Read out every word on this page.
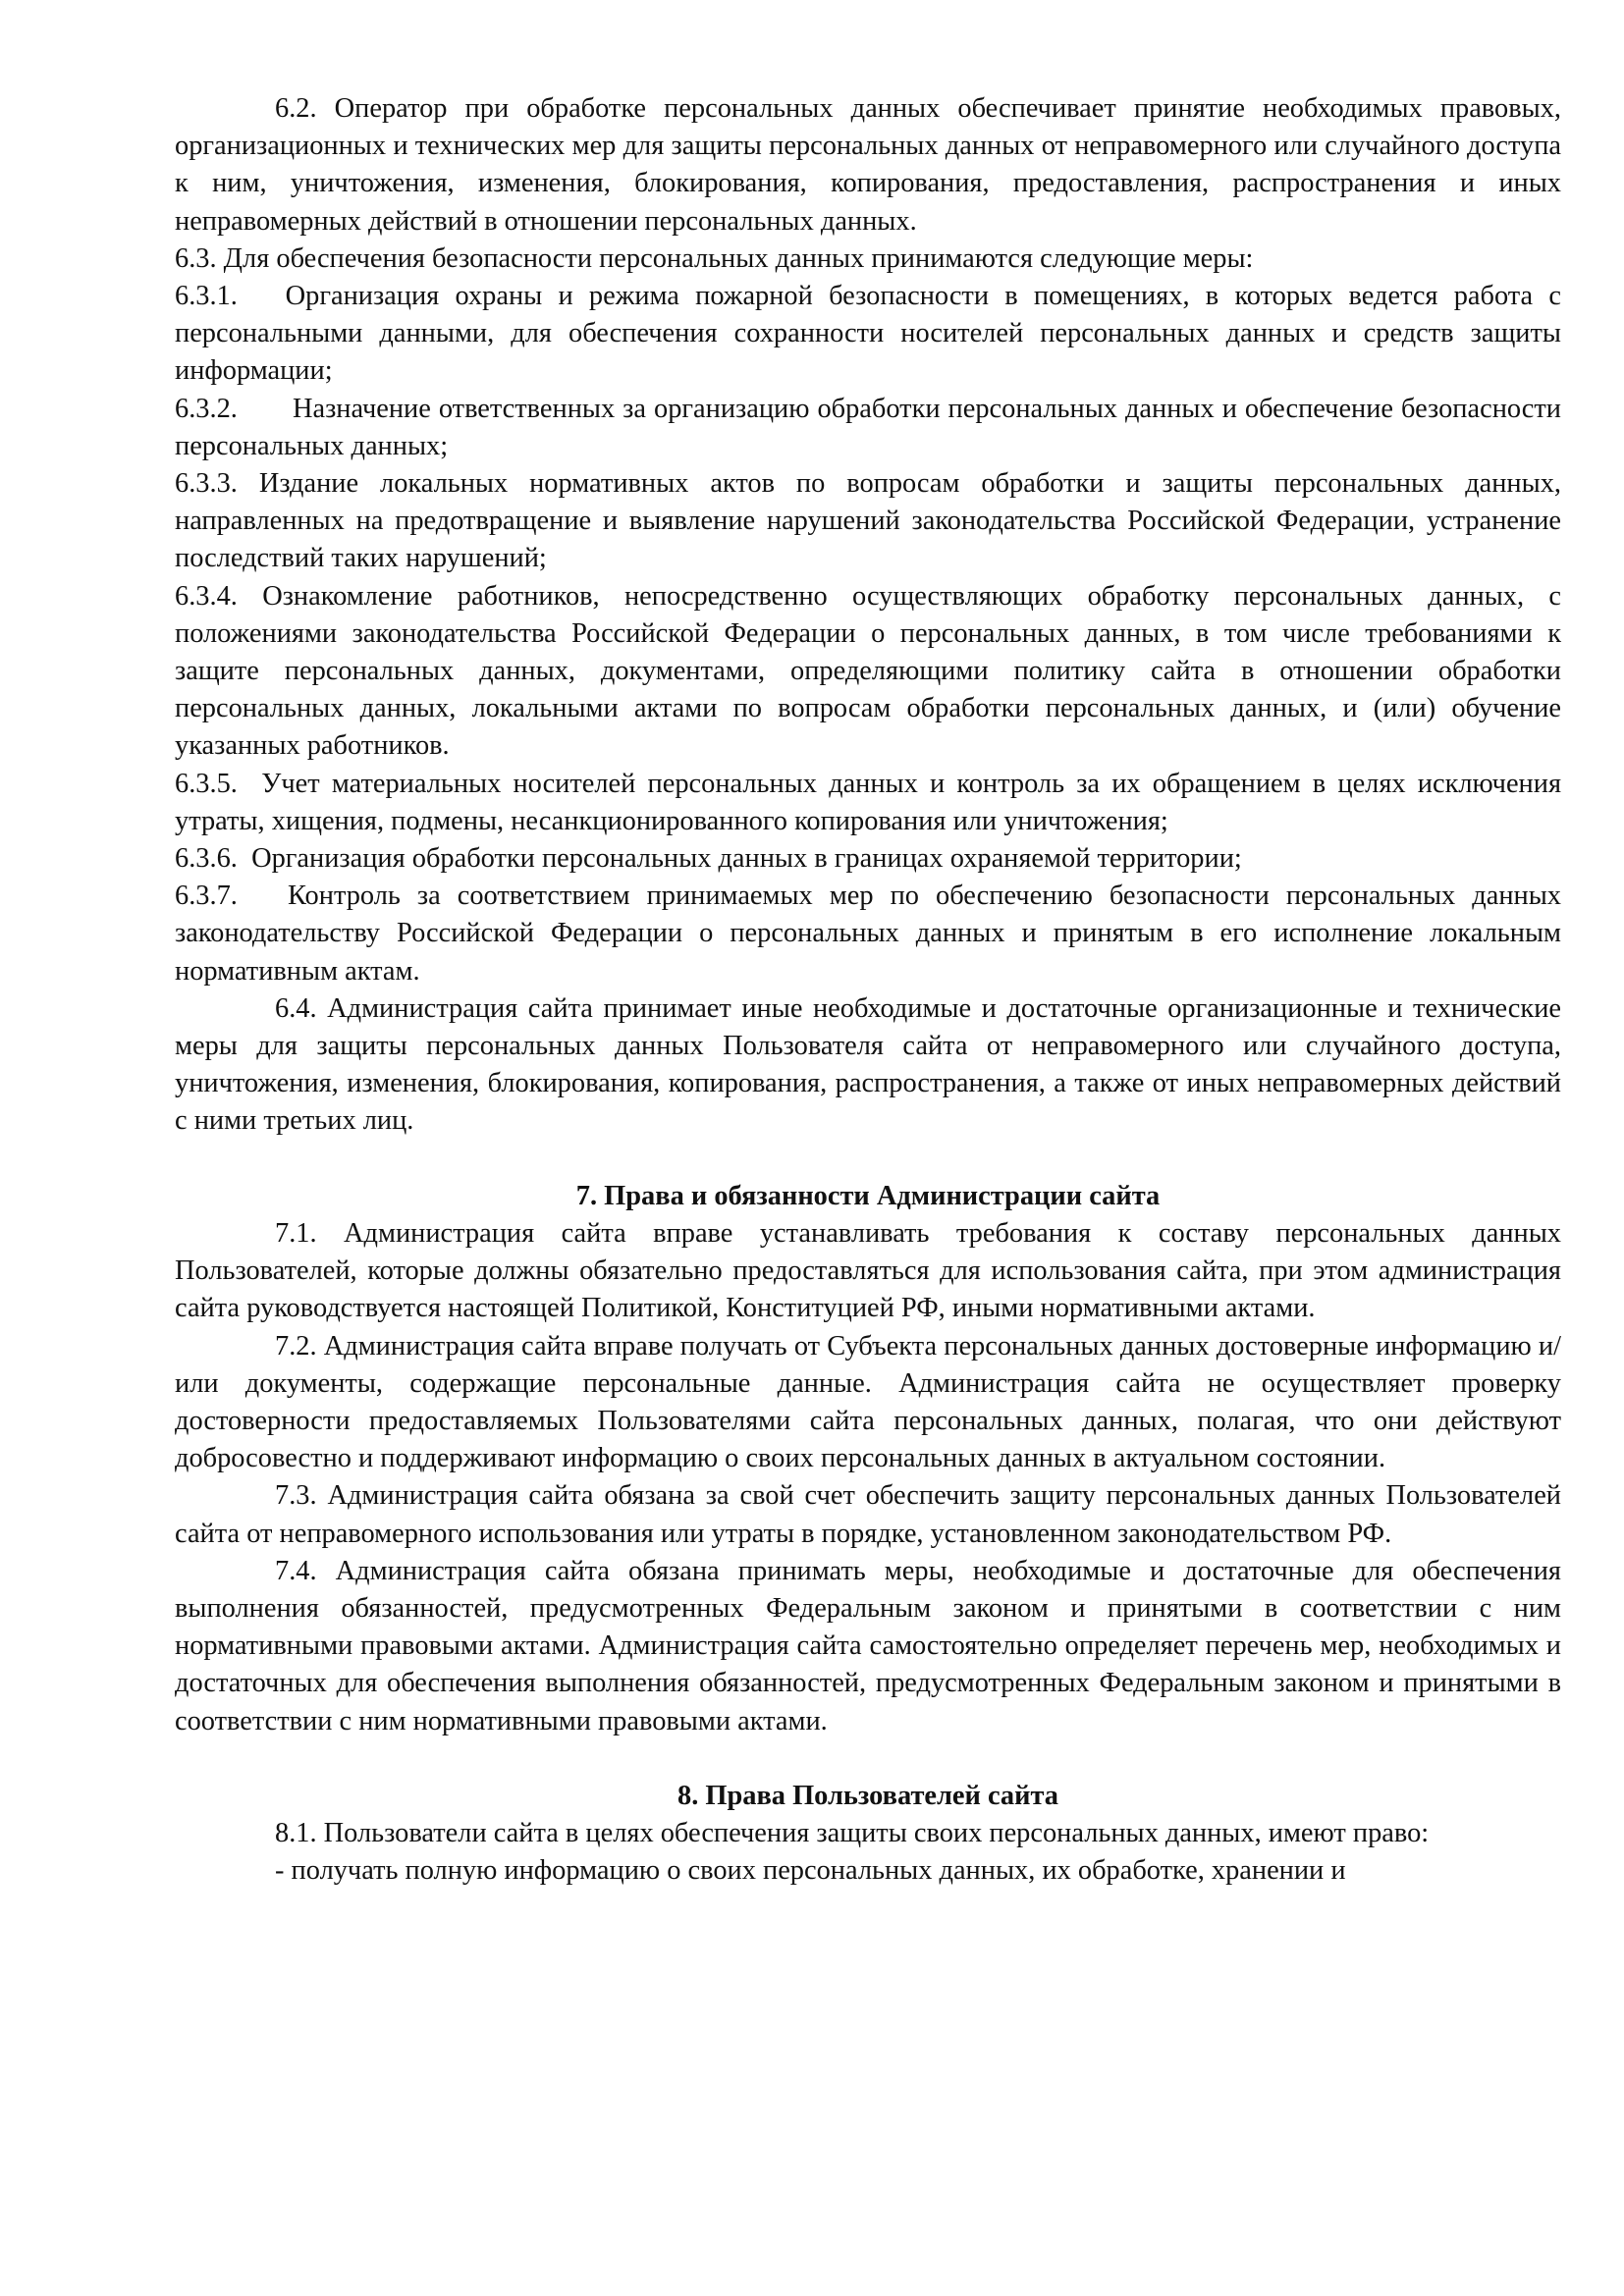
6.2. Оператор при обработке персональных данных обеспечивает принятие необходимых правовых, организационных и технических мер для защиты персональных данных от неправомерного или случайного доступа к ним, уничтожения, изменения, блокирования, копирования, предоставления, распространения и иных неправомерных действий в отношении персональных данных.

6.3. Для обеспечения безопасности персональных данных принимаются следующие меры:

6.3.1. Организация охраны и режима пожарной безопасности в помещениях, в которых ведется работа с персональными данными, для обеспечения сохранности носителей персональных данных и средств защиты информации;

6.3.2. Назначение ответственных за организацию обработки персональных данных и обеспечение безопасности персональных данных;

6.3.3. Издание локальных нормативных актов по вопросам обработки и защиты персональных данных, направленных на предотвращение и выявление нарушений законодательства Российской Федерации, устранение последствий таких нарушений;

6.3.4. Ознакомление работников, непосредственно осуществляющих обработку персональных данных, с положениями законодательства Российской Федерации о персональных данных, в том числе требованиями к защите персональных данных, документами, определяющими политику сайта в отношении обработки персональных данных, локальными актами по вопросам обработки персональных данных, и (или) обучение указанных работников.

6.3.5. Учет материальных носителей персональных данных и контроль за их обращением в целях исключения утраты, хищения, подмены, несанкционированного копирования или уничтожения;

6.3.6. Организация обработки персональных данных в границах охраняемой территории;

6.3.7. Контроль за соответствием принимаемых мер по обеспечению безопасности персональных данных законодательству Российской Федерации о персональных данных и принятым в его исполнение локальным нормативным актам.

6.4. Администрация сайта принимает иные необходимые и достаточные организационные и технические меры для защиты персональных данных Пользователя сайта от неправомерного или случайного доступа, уничтожения, изменения, блокирования, копирования, распространения, а также от иных неправомерных действий с ними третьих лиц.

7. Права и обязанности Администрации сайта

7.1. Администрация сайта вправе устанавливать требования к составу персональных данных Пользователей, которые должны обязательно предоставляться для использования сайта, при этом администрация сайта руководствуется настоящей Политикой, Конституцией РФ, иными нормативными актами.

7.2. Администрация сайта вправе получать от Субъекта персональных данных достоверные информацию и/или документы, содержащие персональные данные. Администрация сайта не осуществляет проверку достоверности предоставляемых Пользователями сайта персональных данных, полагая, что они действуют добросовестно и поддерживают информацию о своих персональных данных в актуальном состоянии.

7.3. Администрация сайта обязана за свой счет обеспечить защиту персональных данных Пользователей сайта от неправомерного использования или утраты в порядке, установленном законодательством РФ.

7.4. Администрация сайта обязана принимать меры, необходимые и достаточные для обеспечения выполнения обязанностей, предусмотренных Федеральным законом и принятыми в соответствии с ним нормативными правовыми актами. Администрация сайта самостоятельно определяет перечень мер, необходимых и достаточных для обеспечения выполнения обязанностей, предусмотренных Федеральным законом и принятыми в соответствии с ним нормативными правовыми актами.

8. Права Пользователей сайта

8.1. Пользователи сайта в целях обеспечения защиты своих персональных данных, имеют право:

- получать полную информацию о своих персональных данных, их обработке, хранении и
